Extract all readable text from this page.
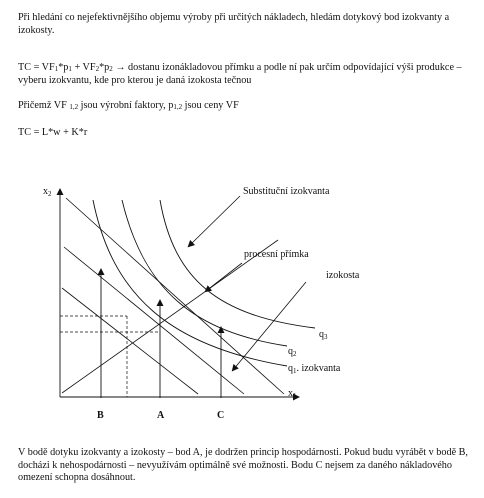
Při hledání co nejefektivnějšího objemu výroby při určitých nákladech, hledám dotykový bod izokvanty a izokosty.

TC = $VF_1*p_1 + VF_2*p_2 \to dostanu$ izonákladovou přímku a podle ní pak určím odpovídající výši produkce – vyberu izokvantu, kde pro kterou je daná izokosta tečnou

Přičemž VF $_{1,2}$ jsou výrobní faktory, $p_{1,2}$ jsou ceny VF

TC = L*w + K*r

$x_2$
$x_1$
Substituční izokvanta
procesní přímka
izokosta
$q_3$
$q_2$
$q_1$. izokvanta
B	A	C

V bodě dotyku izokvanty a izokosty – bod A, je dodržen princip hospodárnosti. Pokud budu vyrábět v bodě B, docházi k nehospodárnosti – nevyužívám optimálně své možnosti. Bodu C nejsem za daného nákladového omezení schopna dosáhnout.
